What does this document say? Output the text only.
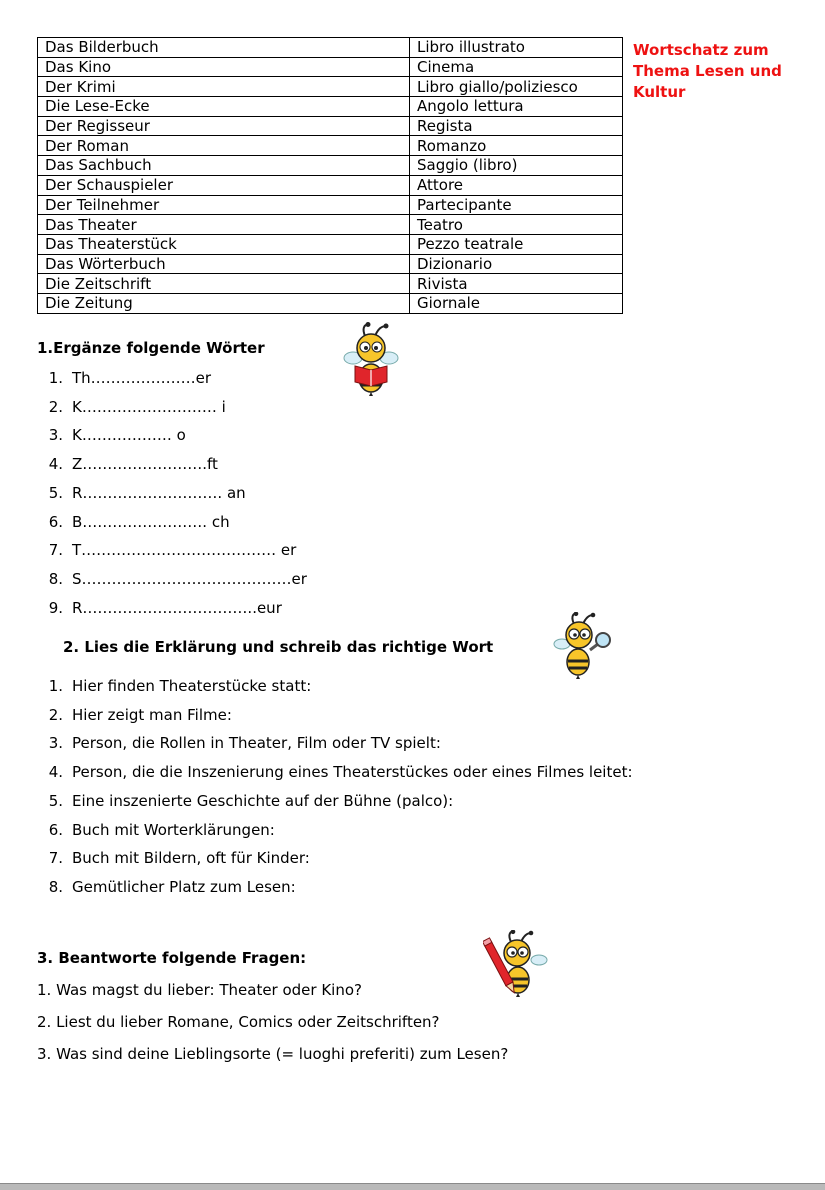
Das Bilderbuch	Libro illustrato
Das Kino	Cinema
Der Krimi	Libro giallo/poliziesco
Die Lese-Ecke	Angolo lettura
Der Regisseur	Regista
Der Roman	Romanzo
Das Sachbuch	Saggio (libro)
Der Schauspieler	Attore
Der Teilnehmer	Partecipante
Das Theater	Teatro
Das Theaterstück	Pezzo teatrale
Das Wörterbuch	Dizionario
Die Zeitschrift	Rivista
Die Zeitung	Giornale
Wortschatz zum Thema Lesen und Kultur
1.Ergänze folgende Wörter
1. Th…………………er
2. K……………………… i
3. K……………… o
4. Z…………………….ft
5. R………………………. an
6. B……………………. ch
7. T………………………………… er
8. S……………………………………er
9. R……………………………..eur
2. Lies die Erklärung und schreib das richtige Wort
1. Hier finden Theaterstücke statt:
2. Hier zeigt man Filme:
3. Person, die Rollen in Theater, Film oder TV spielt:
4. Person, die die Inszenierung eines Theaterstückes oder eines Filmes leitet:
5. Eine inszenierte Geschichte auf der Bühne (palco):
6. Buch mit Worterklärungen:
7. Buch mit Bildern, oft für Kinder:
8. Gemütlicher Platz zum Lesen:
3. Beantworte folgende Fragen:
1. Was magst du lieber: Theater oder Kino?
2. Liest du lieber Romane, Comics oder Zeitschriften?
3. Was sind deine Lieblingsorte (= luoghi preferiti) zum Lesen?
